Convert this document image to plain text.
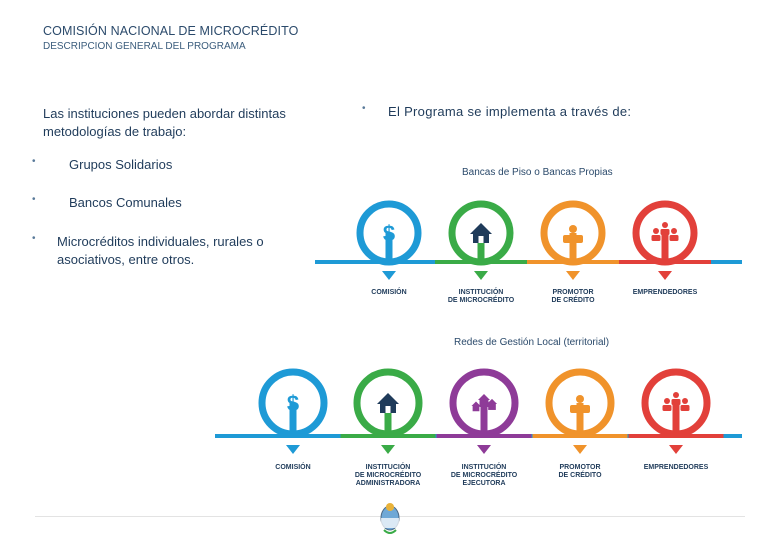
COMISIÓN NACIONAL DE MICROCRÉDITO
DESCRIPCION GENERAL DEL PROGRAMA
Las instituciones pueden abordar distintas metodologías de trabajo:
•	Grupos Solidarios
•	Bancos Comunales
• Microcréditos individuales, rurales o asociativos, entre otros.
• El Programa se implementa a través de:
Bancas de Piso o Bancas Propias
Redes de Gestión Local (territorial)
$
COMISIÓN	INSTITUCIÓN
DE MICROCRÉDITO
PROMOTOR
DE CRÉDITO
EMPRENDEDORES
$
COMISIÓN	INSTITUCIÓN
DE MICROCRÉDITO
ADMINISTRADORA
INSTITUCIÓN
DE MICROCRÉDITO
EJECUTORA
PROMOTOR
DE CRÉDITO
EMPRENDEDORES
